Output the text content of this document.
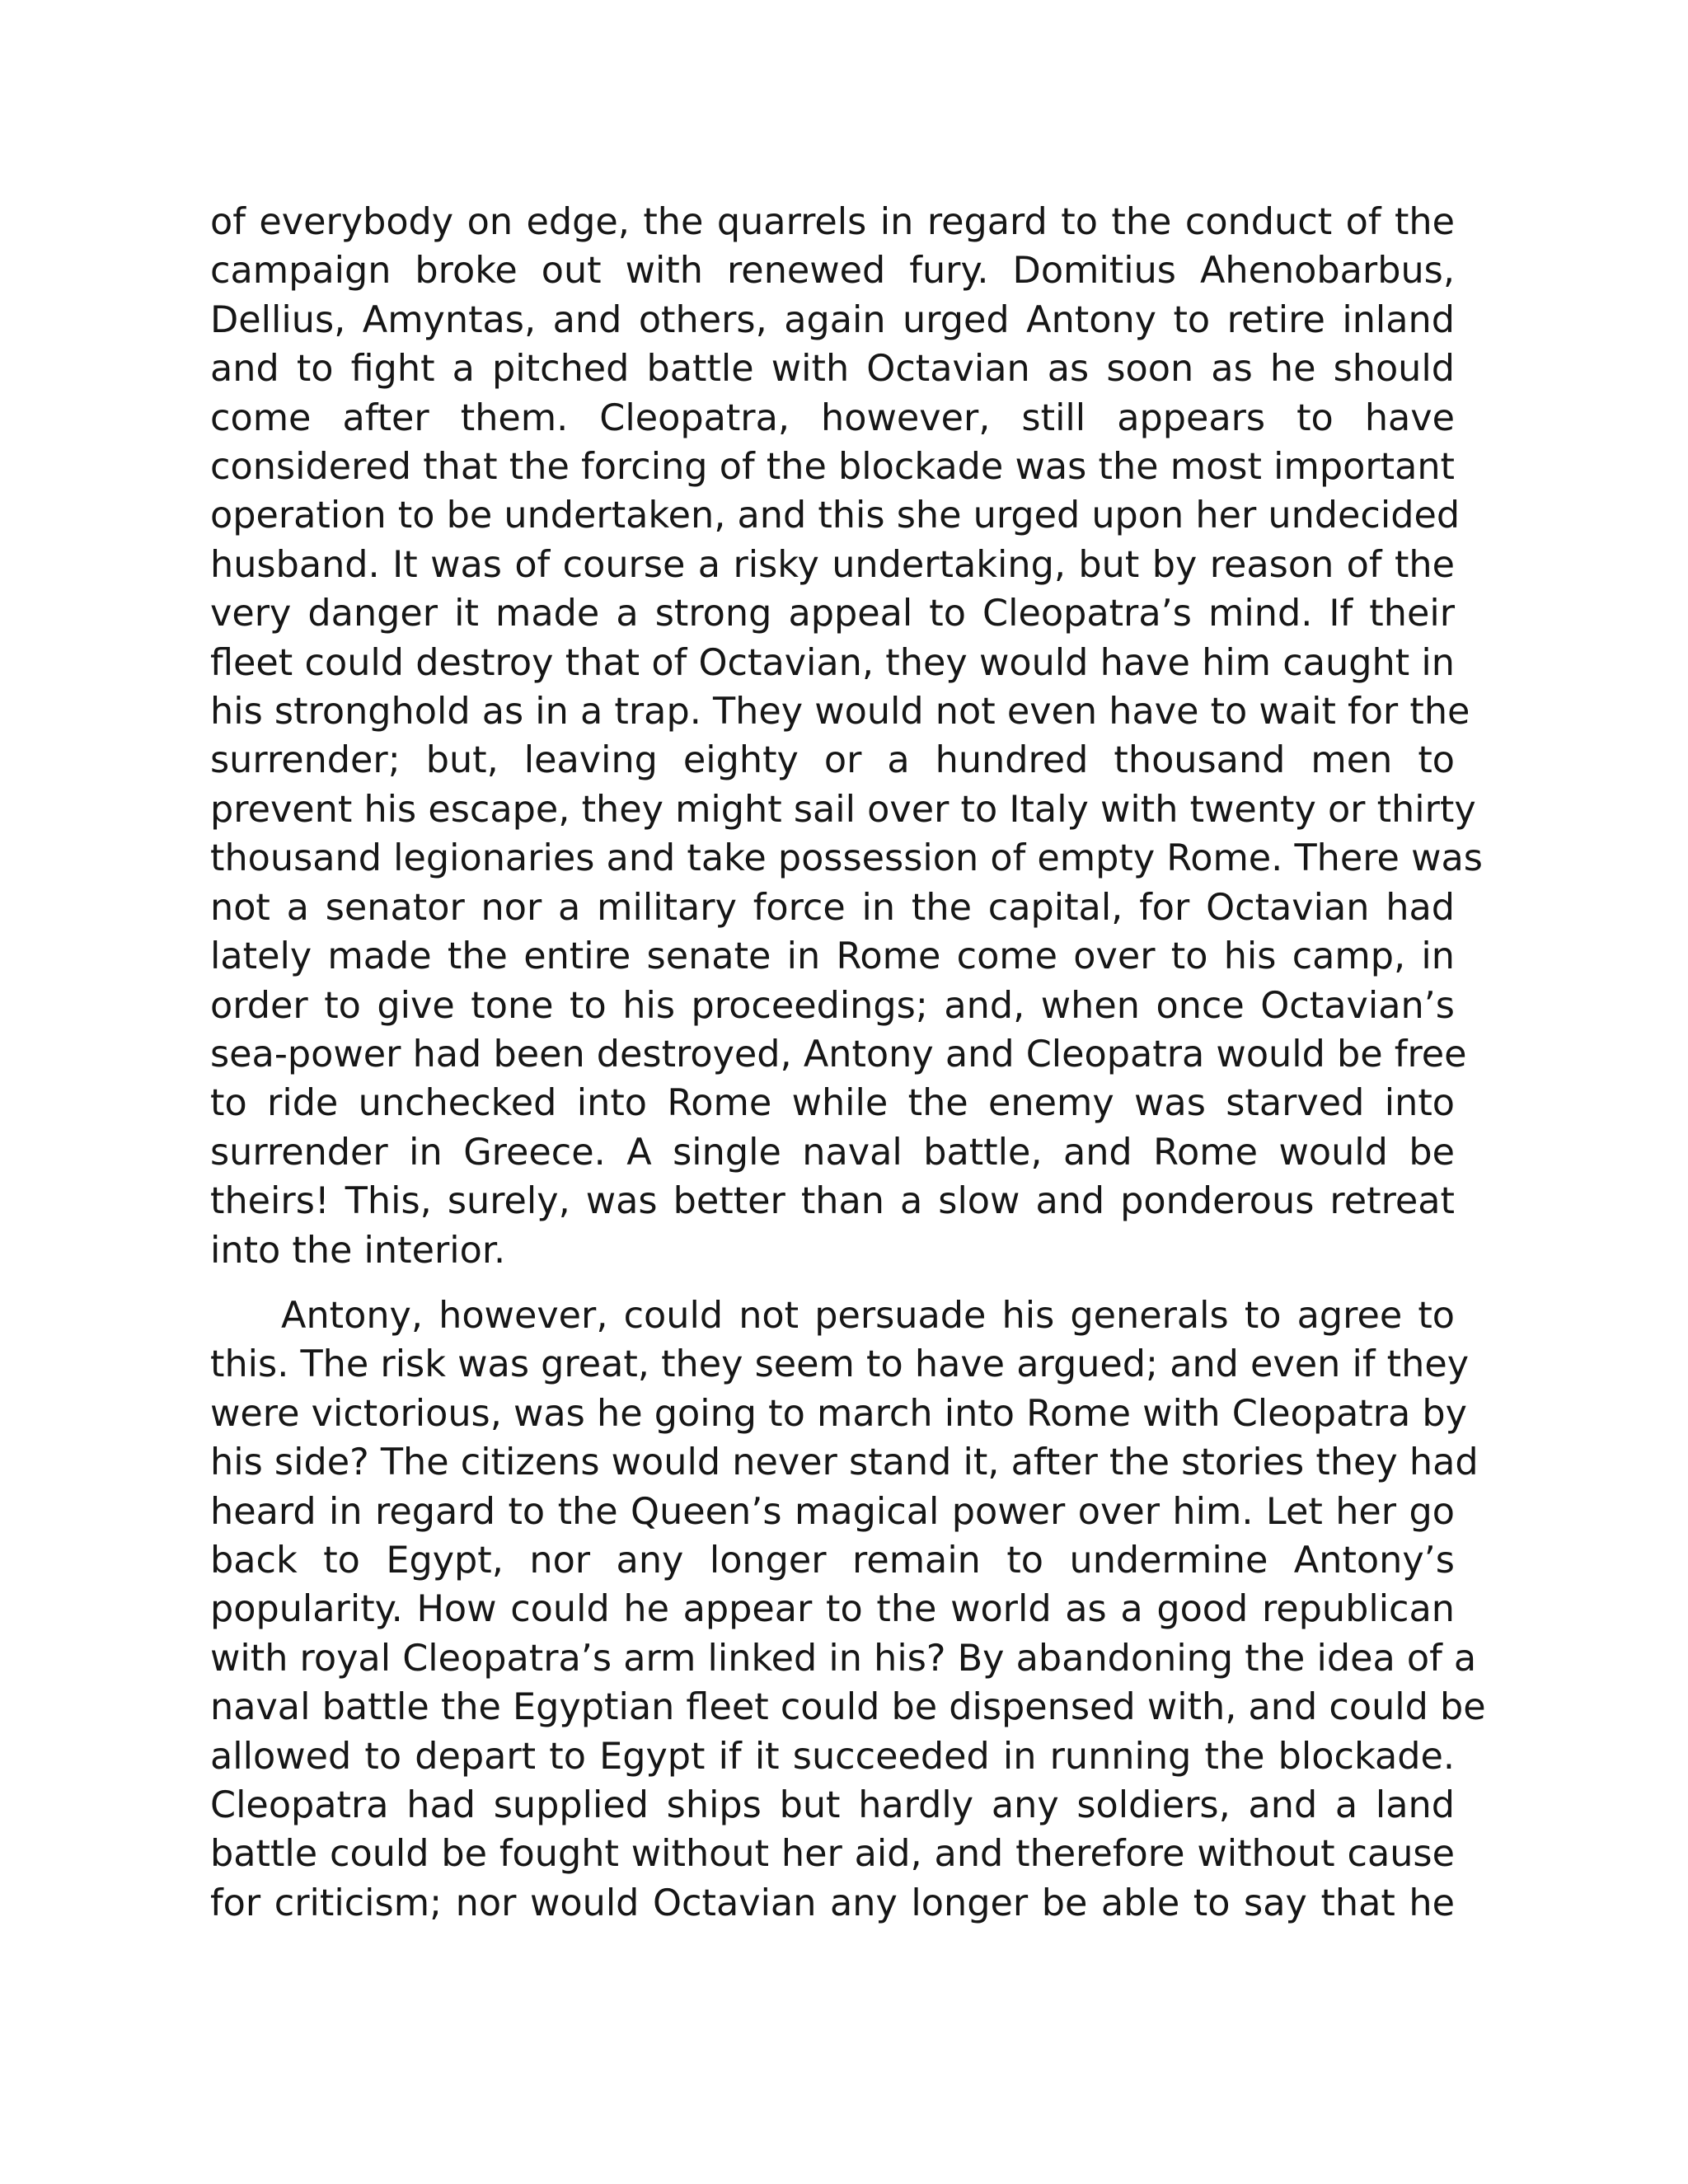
of everybody on edge, the quarrels in regard to the conduct of the
campaign broke out with renewed fury. Domitius Ahenobarbus,
Dellius, Amyntas, and others, again urged Antony to retire inland
and to fight a pitched battle with Octavian as soon as he should
come after them. Cleopatra, however, still appears to have
considered that the forcing of the blockade was the most important
operation to be undertaken, and this she urged upon her undecided
husband. It was of course a risky undertaking, but by reason of the
very danger it made a strong appeal to Cleopatra’s mind. If their
fleet could destroy that of Octavian, they would have him caught in
his stronghold as in a trap. They would not even have to wait for the
surrender; but, leaving eighty or a hundred thousand men to
prevent his escape, they might sail over to Italy with twenty or thirty
thousand legionaries and take possession of empty Rome. There was
not a senator nor a military force in the capital, for Octavian had
lately made the entire senate in Rome come over to his camp, in
order to give tone to his proceedings; and, when once Octavian’s
sea-power had been destroyed, Antony and Cleopatra would be free
to ride unchecked into Rome while the enemy was starved into
surrender in Greece. A single naval battle, and Rome would be
theirs! This, surely, was better than a slow and ponderous retreat
into the interior.

Antony, however, could not persuade his generals to agree to
this. The risk was great, they seem to have argued; and even if they
were victorious, was he going to march into Rome with Cleopatra by
his side? The citizens would never stand it, after the stories they had
heard in regard to the Queen’s magical power over him. Let her go
back to Egypt, nor any longer remain to undermine Antony’s
popularity. How could he appear to the world as a good republican
with royal Cleopatra’s arm linked in his? By abandoning the idea of a
naval battle the Egyptian fleet could be dispensed with, and could be
allowed to depart to Egypt if it succeeded in running the blockade.
Cleopatra had supplied ships but hardly any soldiers, and a land
battle could be fought without her aid, and therefore without cause
for criticism; nor would Octavian any longer be able to say that he
